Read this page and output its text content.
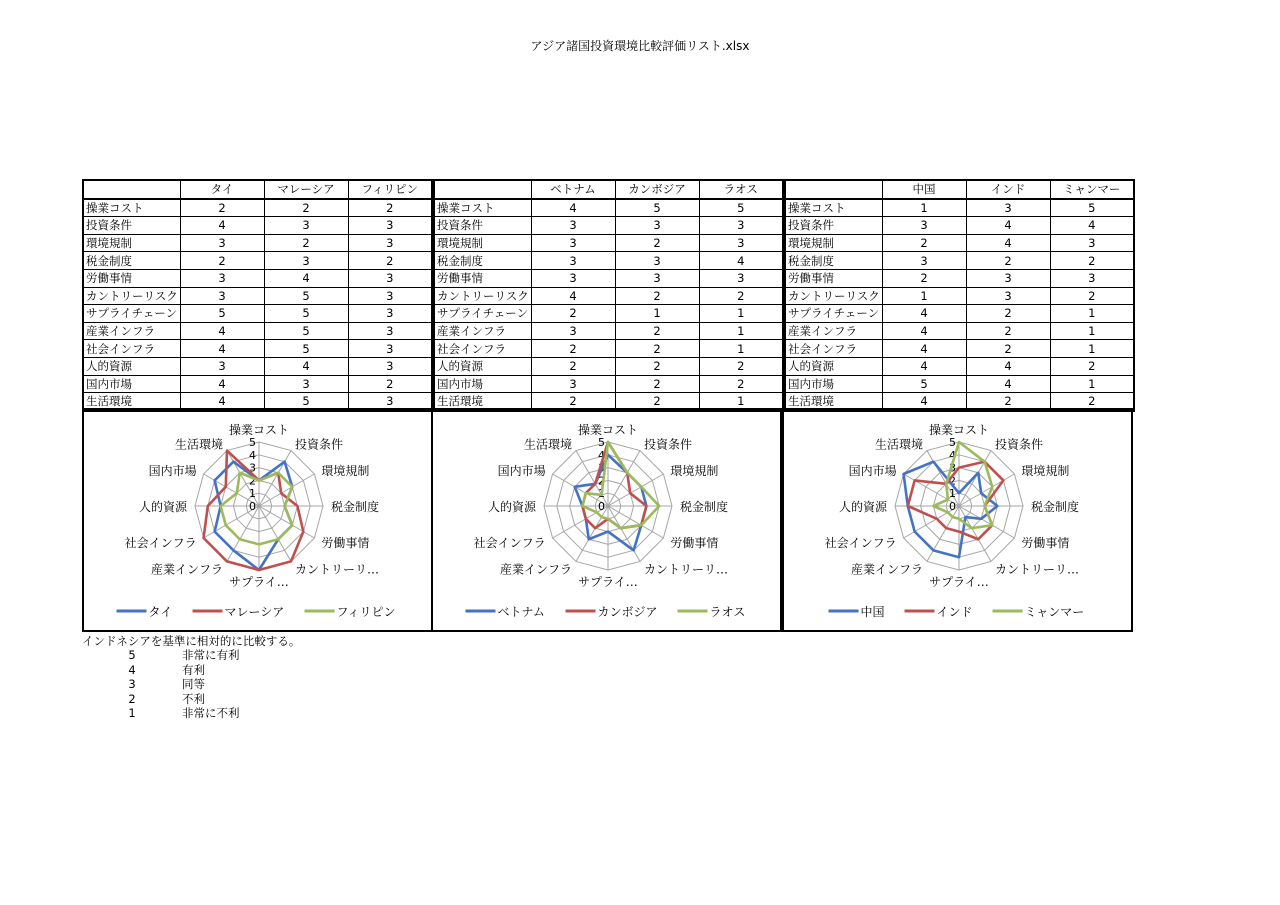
アジア諸国投資環境比較評価リスト.xlsx
	タイ	マレーシア	フィリピン
操業コスト	2	2	2
投資条件	4	3	3
環境規制	3	2	3
税金制度	2	3	2
労働事情	3	4	3
カントリーリスク	3	5	3
サプライチェーン	5	5	3
産業インフラ	4	5	3
社会インフラ	4	5	3
人的資源	3	4	3
国内市場	4	3	2
生活環境	4	5	3
	ベトナム	カンボジア	ラオス
操業コスト	4	5	5
投資条件	3	3	3
環境規制	3	2	3
税金制度	3	3	4
労働事情	3	3	3
カントリーリスク	4	2	2
サプライチェーン	2	1	1
産業インフラ	3	2	1
社会インフラ	2	2	1
人的資源	2	2	2
国内市場	3	2	2
生活環境	2	2	1
	中国	インド	ミャンマー
操業コスト	1	3	5
投資条件	3	4	4
環境規制	2	4	3
税金制度	3	2	2
労働事情	2	3	3
カントリーリスク	1	3	2
サプライチェーン	4	2	1
産業インフラ	4	2	1
社会インフラ	4	2	1
人的資源	4	4	2
国内市場	5	4	1
生活環境	4	2	2
0
1
2
3
4
5
操業コスト
投資条件
環境規制
税金制度
労働事情
カントリーリ…
サプライ…
産業インフラ
社会インフラ
人的資源
国内市場
生活環境
タイ	マレーシア	フィリピン
0
1
2
3
4
5
操業コスト
投資条件
環境規制
税金制度
労働事情
カントリーリ…
サプライ…
産業インフラ
社会インフラ
人的資源
国内市場
生活環境
ベトナム	カンボジア	ラオス
0
1
2
3
4
5
操業コスト
投資条件
環境規制
税金制度
労働事情
カントリーリ…
サプライ…
産業インフラ
社会インフラ
人的資源
国内市場
生活環境
中国	インド	ミャンマー
インドネシアを基準に相対的に比較する。
5	非常に有利
4	有利
3	同等
2	不利
1	非常に不利
